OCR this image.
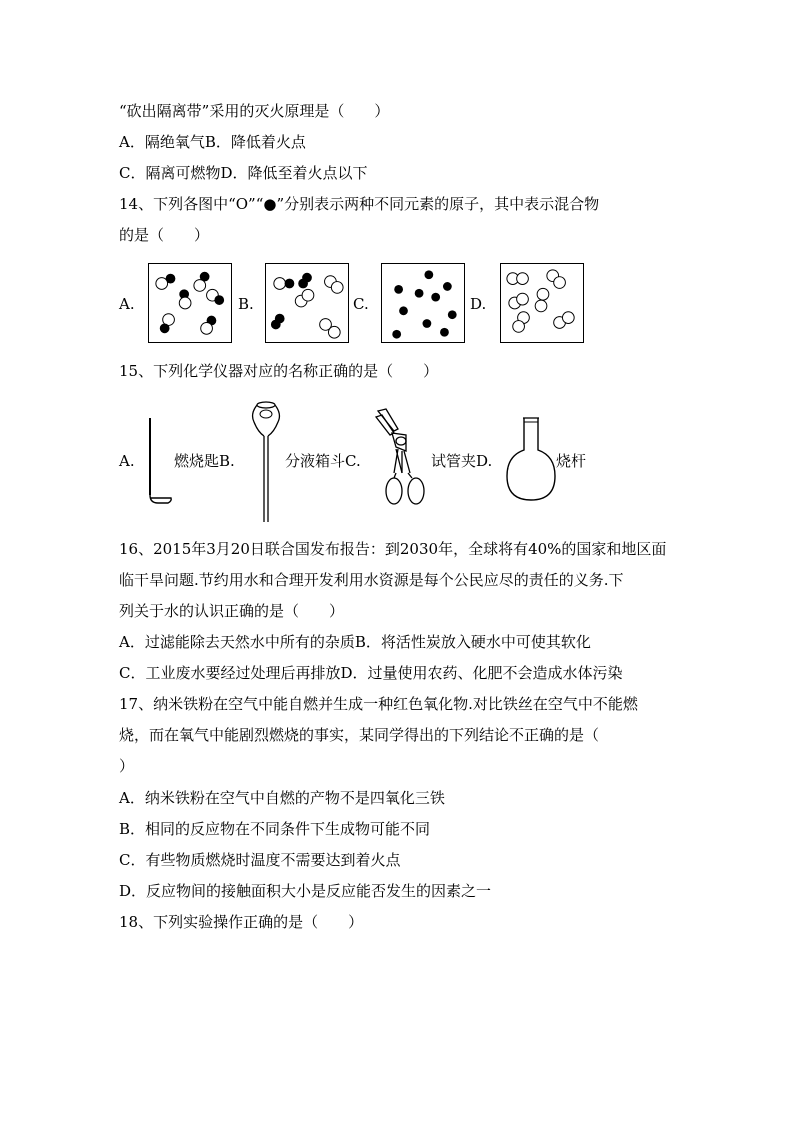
“砍出隔离带”采用的灭火原理是（　　）
A．隔绝氧气B．降低着火点
C．隔离可燃物D．降低至着火点以下
14、下列各图中“O”“●”分别表示两种不同元素的原子，其中表示混合物
的是（　　）
A.	B.	C.	D.
15、下列化学仪器对应的名称正确的是（　　）
A.	燃烧匙B.	分液箱斗C.	试管夹D.	烧杆
16、2015年3月20日联合国发布报告：到2030年，全球将有40%的国家和地区面
临干旱问题.节约用水和合理开发利用水资源是每个公民应尽的责任的义务.下
列关于水的认识正确的是（　　）
A．过滤能除去天然水中所有的杂质B．将活性炭放入硬水中可使其软化
C．工业废水要经过处理后再排放D．过量使用农药、化肥不会造成水体污染
17、纳米铁粉在空气中能自燃并生成一种红色氧化物.对比铁丝在空气中不能燃
烧，而在氧气中能剧烈燃烧的事实，某同学得出的下列结论不正确的是（
）
A．纳米铁粉在空气中自燃的产物不是四氧化三铁
B．相同的反应物在不同条件下生成物可能不同
C．有些物质燃烧时温度不需要达到着火点
D．反应物间的接触面积大小是反应能否发生的因素之一
18、下列实验操作正确的是（　　）
